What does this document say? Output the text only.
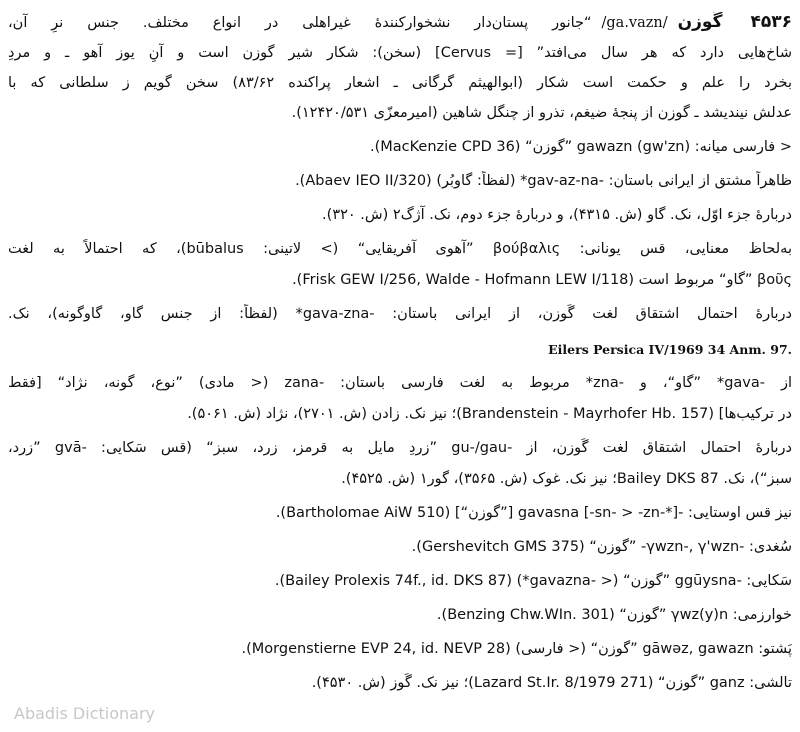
۴۵۳۶گَوزن/ga.vazn/“جانور پستان‌دار نشخوارکنندهٔ غیراهلی در انواع مختلف. جنس نرِ آن،
شاخ‌هایی دارد که هر سال می‌افتد” [= Cervus] (سخن): شکار شیر گوزن است و آنِ یوز آهو ـ و مردِ
بخرد را علم و حکمت است شکار (ابوالهیثم گرگانی ـ اشعار پراکنده ۸۳/۶۲) سخن گویم ز سلطانی که با
عدلش نیندیشد ـ گوزن از پنجهٔ ضیغم، تذرو از چنگل شاهین (امیرمعزّی ۱۲۴۲۰/۵۳۱).
< فارسی میانه: gawazn (gw'zn) ”گوزن“ (MacKenzie CPD 36).
ظاهراً مشتق از ایرانی باستان: -gav-az-na* (لفظاً: گاوبُر) (Abaev IEO II/320).
دربارهٔ جزء اوّل، نک. گاو (ش. ۴۳۱۵)، و دربارهٔ جزء دوم، نک. آژگ۲ (ش. ۳۲۰).
به‌لحاظ معنایی، قس یونانی: βούβαλις ”آهوی آفریقایی“ (> لاتینی: būbalus)، که احتمالاً به لغت
βοῦς ”گاو“ مربوط است (Frisk GEW I/256, Walde - Hofmann LEW I/118).
دربارهٔ احتمال اشتقاق لغت گَوزن، از ایرانی باستان: -gava-zna* (لفظاً: از جنس گاو، گاوگونه)، نک.
Eilers Persica IV/1969 34 Anm. 97.
از -gava* ”گاو“، و -zna* مربوط به لغت فارسی باستان: -zana (< مادی) ”نوع، گونه، نژاد“ [فقط
در ترکیب‌ها] (Brandenstein - Mayrhofer Hb. 157)؛ نیز نک. زادن (ش. ۲۷۰۱)، نژاد (ش. ۵۰۶۱).
دربارهٔ احتمال اشتقاق لغت گَوزن، از -gu-/gau ”زردِ مایل به قرمز، زرد، سبز“ (قس سَکایی: -gvā ”زرد،
سبز“)، نک. Bailey DKS 87؛ نیز نک. غوک (ش. ۳۵۶۵)، گور۱ (ش. ۴۵۲۵).
نیز قس اوستایی: -gavasna [-sn- > -zn-*] [”گوزن“] (Bartholomae AiW 510).
سُغدی: -γwzn-, γ'wzn- ”گوزن“ (Gershevitch GMS 375).
سَکایی: -ggūysna ”گوزن“ (< -gavazna*) (Bailey Prolexis 74f., id. DKS 87).
خوارزمی: γwz(y)n ”گوزن“ (Benzing Chw.WIn. 301).
پَشتو: gāwəz, gawazn ”گوزن“ (< فارسی) (Morgenstierne EVP 24, id. NEVP 28).
تالشی: ganz ”گوزن“ (Lazard St.Ir. 8/1979 271)؛ نیز نک. گَوز (ش. ۴۵۳۰).
Abadis Dictionary
